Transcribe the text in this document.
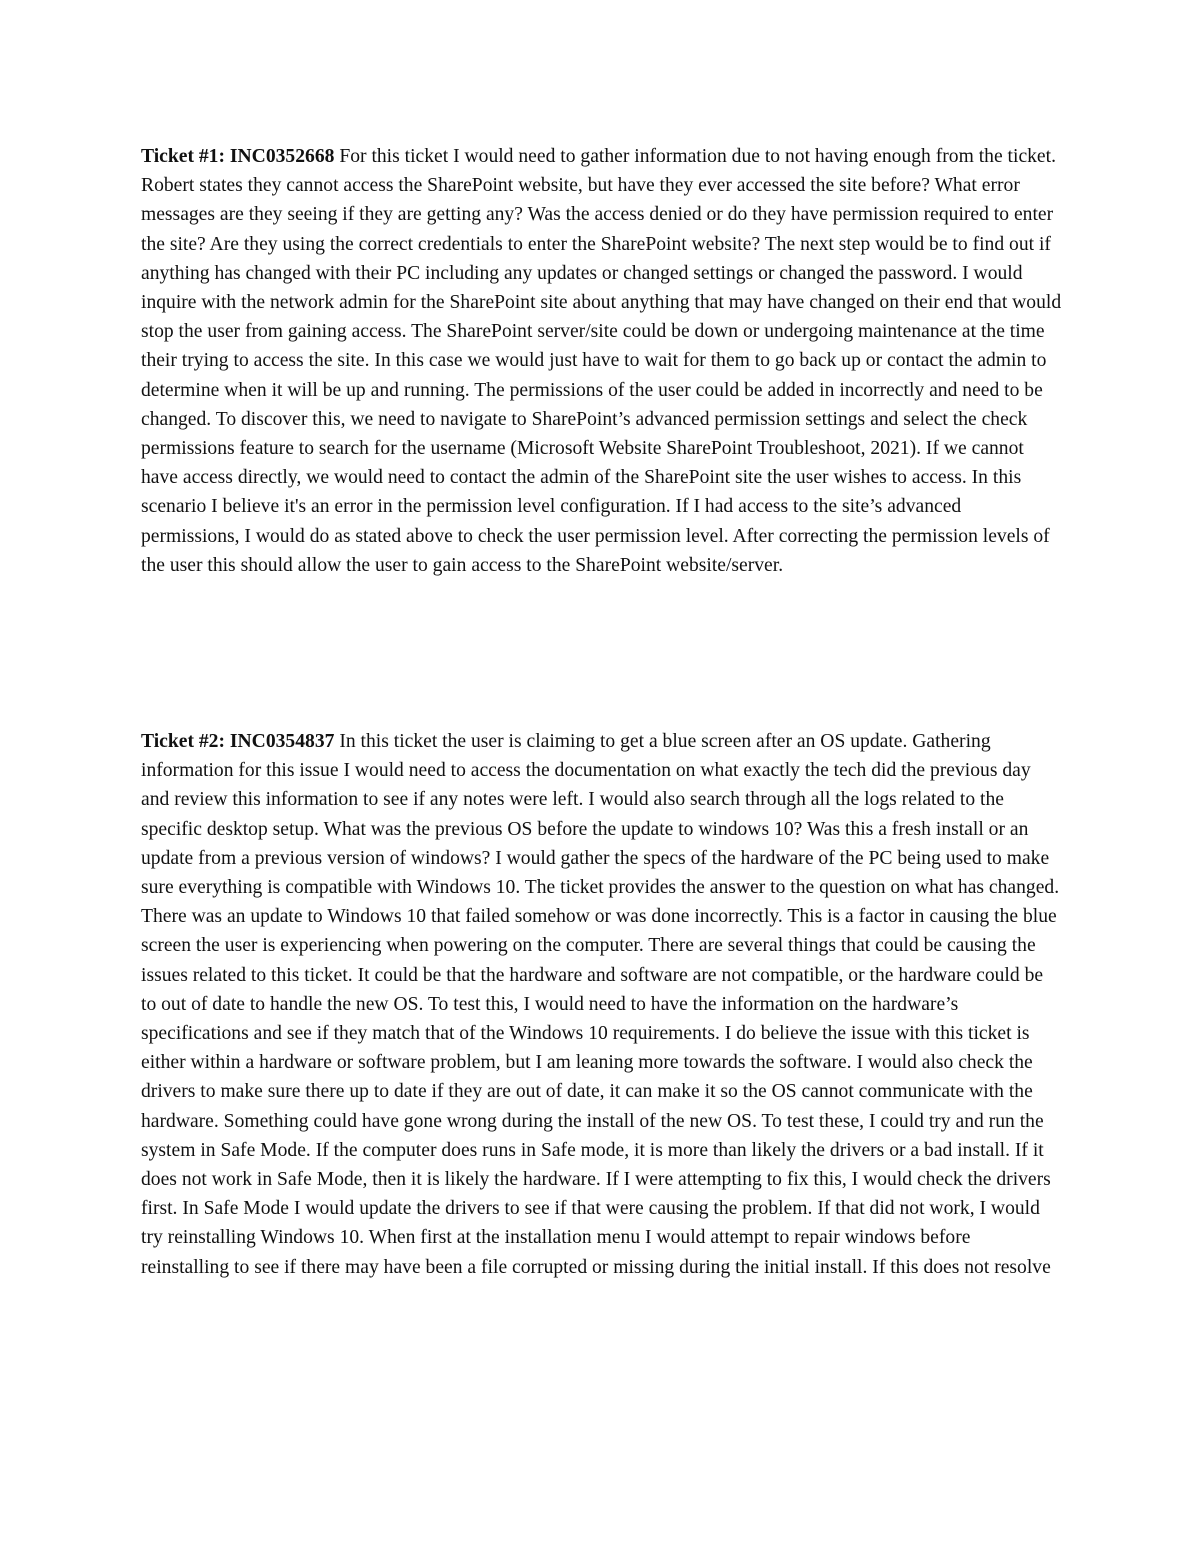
Ticket #1: INC0352668 For this ticket I would need to gather information due to not having enough from the ticket. Robert states they cannot access the SharePoint website, but have they ever accessed the site before? What error messages are they seeing if they are getting any? Was the access denied or do they have permission required to enter the site? Are they using the correct credentials to enter the SharePoint website? The next step would be to find out if anything has changed with their PC including any updates or changed settings or changed the password. I would inquire with the network admin for the SharePoint site about anything that may have changed on their end that would stop the user from gaining access. The SharePoint server/site could be down or undergoing maintenance at the time their trying to access the site. In this case we would just have to wait for them to go back up or contact the admin to determine when it will be up and running. The permissions of the user could be added in incorrectly and need to be changed. To discover this, we need to navigate to SharePoint’s advanced permission settings and select the check permissions feature to search for the username (Microsoft Website SharePoint Troubleshoot, 2021). If we cannot have access directly, we would need to contact the admin of the SharePoint site the user wishes to access. In this scenario I believe it's an error in the permission level configuration. If I had access to the site’s advanced permissions, I would do as stated above to check the user permission level. After correcting the permission levels of the user this should allow the user to gain access to the SharePoint website/server.

Ticket #2: INC0354837 In this ticket the user is claiming to get a blue screen after an OS update. Gathering information for this issue I would need to access the documentation on what exactly the tech did the previous day and review this information to see if any notes were left. I would also search through all the logs related to the specific desktop setup. What was the previous OS before the update to windows 10? Was this a fresh install or an update from a previous version of windows? I would gather the specs of the hardware of the PC being used to make sure everything is compatible with Windows 10. The ticket provides the answer to the question on what has changed. There was an update to Windows 10 that failed somehow or was done incorrectly. This is a factor in causing the blue screen the user is experiencing when powering on the computer. There are several things that could be causing the issues related to this ticket. It could be that the hardware and software are not compatible, or the hardware could be to out of date to handle the new OS. To test this, I would need to have the information on the hardware’s specifications and see if they match that of the Windows 10 requirements. I do believe the issue with this ticket is either within a hardware or software problem, but I am leaning more towards the software. I would also check the drivers to make sure there up to date if they are out of date, it can make it so the OS cannot communicate with the hardware. Something could have gone wrong during the install of the new OS. To test these, I could try and run the system in Safe Mode. If the computer does runs in Safe mode, it is more than likely the drivers or a bad install. If it does not work in Safe Mode, then it is likely the hardware. If I were attempting to fix this, I would check the drivers first. In Safe Mode I would update the drivers to see if that were causing the problem. If that did not work, I would try reinstalling Windows 10. When first at the installation menu I would attempt to repair windows before reinstalling to see if there may have been a file corrupted or missing during the initial install. If this does not resolve
